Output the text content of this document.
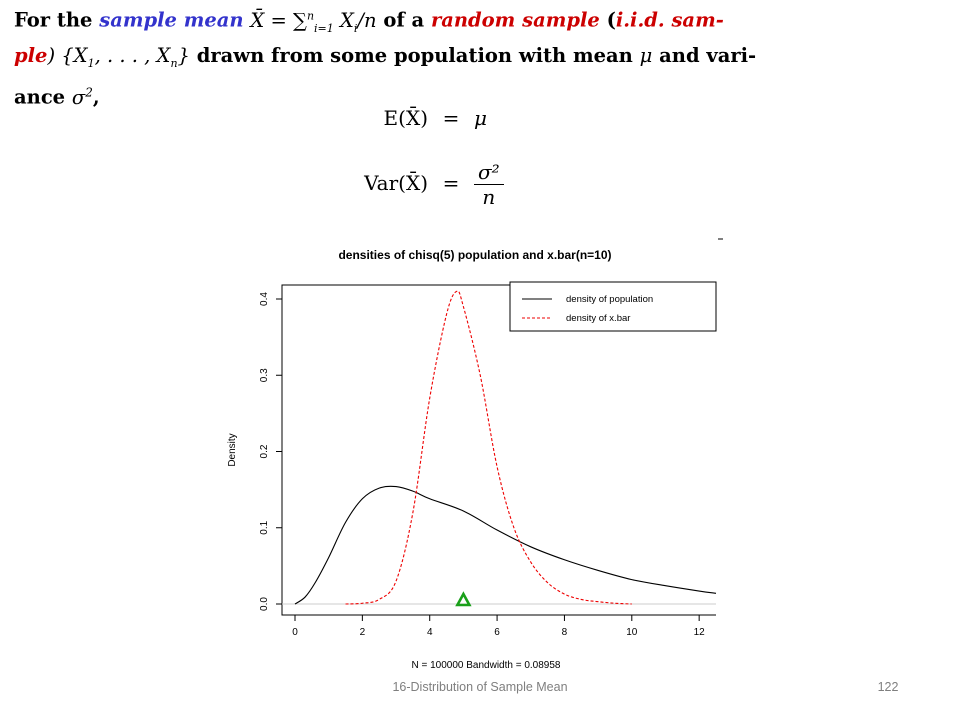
For the sample mean X̄ = ∑$^n_{i=1}$ $X_i/n$ of a random sample (i.i.d. sam-
ple) {$X_1$, . . . , $X_n$} drawn from some population with mean μ and vari-
ance $\sigma^2$,
E(X̄) = μ
Var(X̄) = $\frac{\text{σ²}}{n}$
densities of chisq(5) population and x.bar(n=10)
Density
N = 100000 Bandwidth = 0.08958
0	2	4	6	8	10	12
0.0
0.1
0.2
0.3
0.4	density of population
density of x.bar
16-Distribution of Sample Mean	122
